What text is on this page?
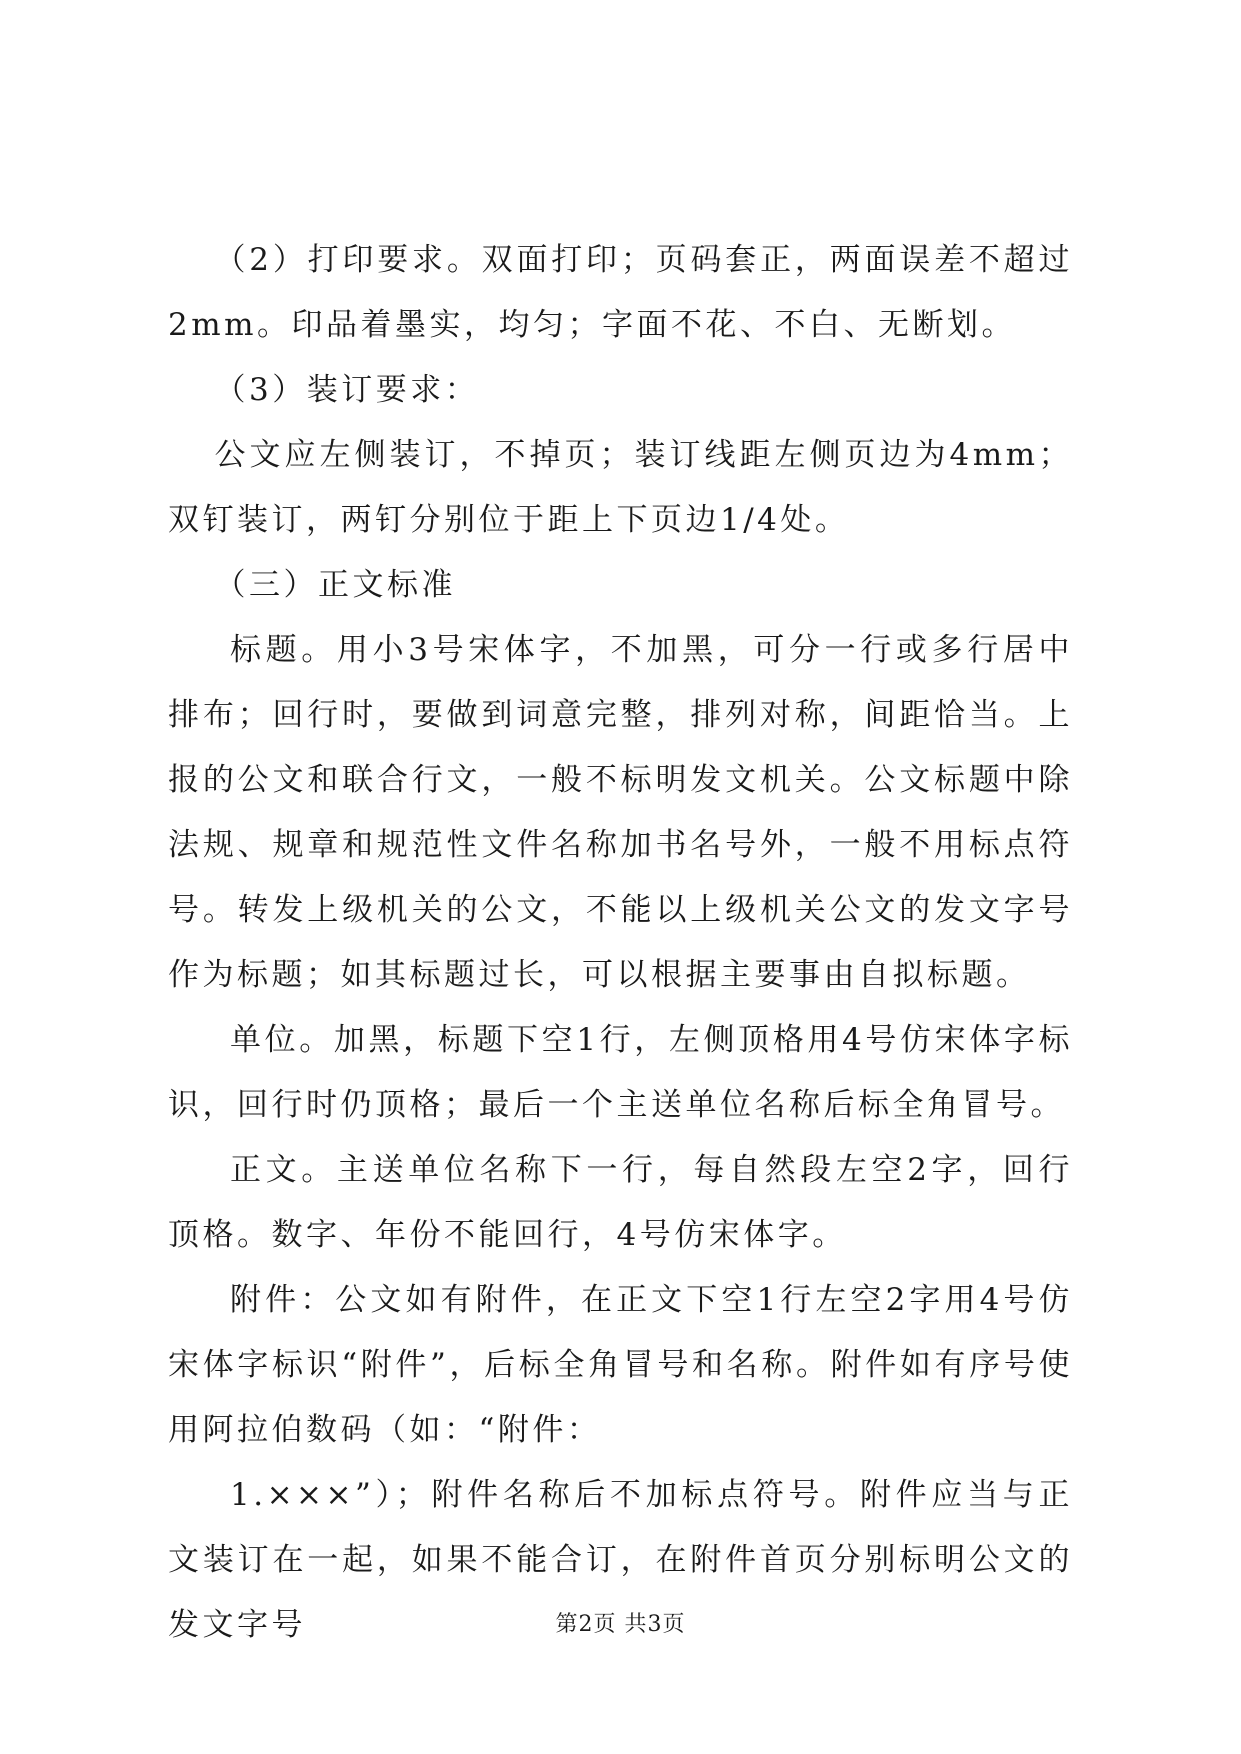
（2）打印要求。双面打印；页码套正，两面误差不超过2mm。印品着墨实，均匀；字面不花、不白、无断划。

（3）装订要求：

公文应左侧装订，不掉页；装订线距左侧页边为4mm；双钉装订，两钉分别位于距上下页边1/4处。

（三）正文标准

标题。用小3号宋体字，不加黑，可分一行或多行居中排布；回行时，要做到词意完整，排列对称，间距恰当。上报的公文和联合行文，一般不标明发文机关。公文标题中除法规、规章和规范性文件名称加书名号外，一般不用标点符号。转发上级机关的公文，不能以上级机关公文的发文字号作为标题；如其标题过长，可以根据主要事由自拟标题。

单位。加黑，标题下空1行，左侧顶格用4号仿宋体字标识，回行时仍顶格；最后一个主送单位名称后标全角冒号。

正文。主送单位名称下一行，每自然段左空2字，回行顶格。数字、年份不能回行，4号仿宋体字。

附件：公文如有附件，在正文下空1行左空2字用4号仿宋体字标识“附件”，后标全角冒号和名称。附件如有序号使用阿拉伯数码（如：“附件：

1.×××”）；附件名称后不加标点符号。附件应当与正文装订在一起，如果不能合订，在附件首页分别标明公文的发文字号	第2页 共3页
